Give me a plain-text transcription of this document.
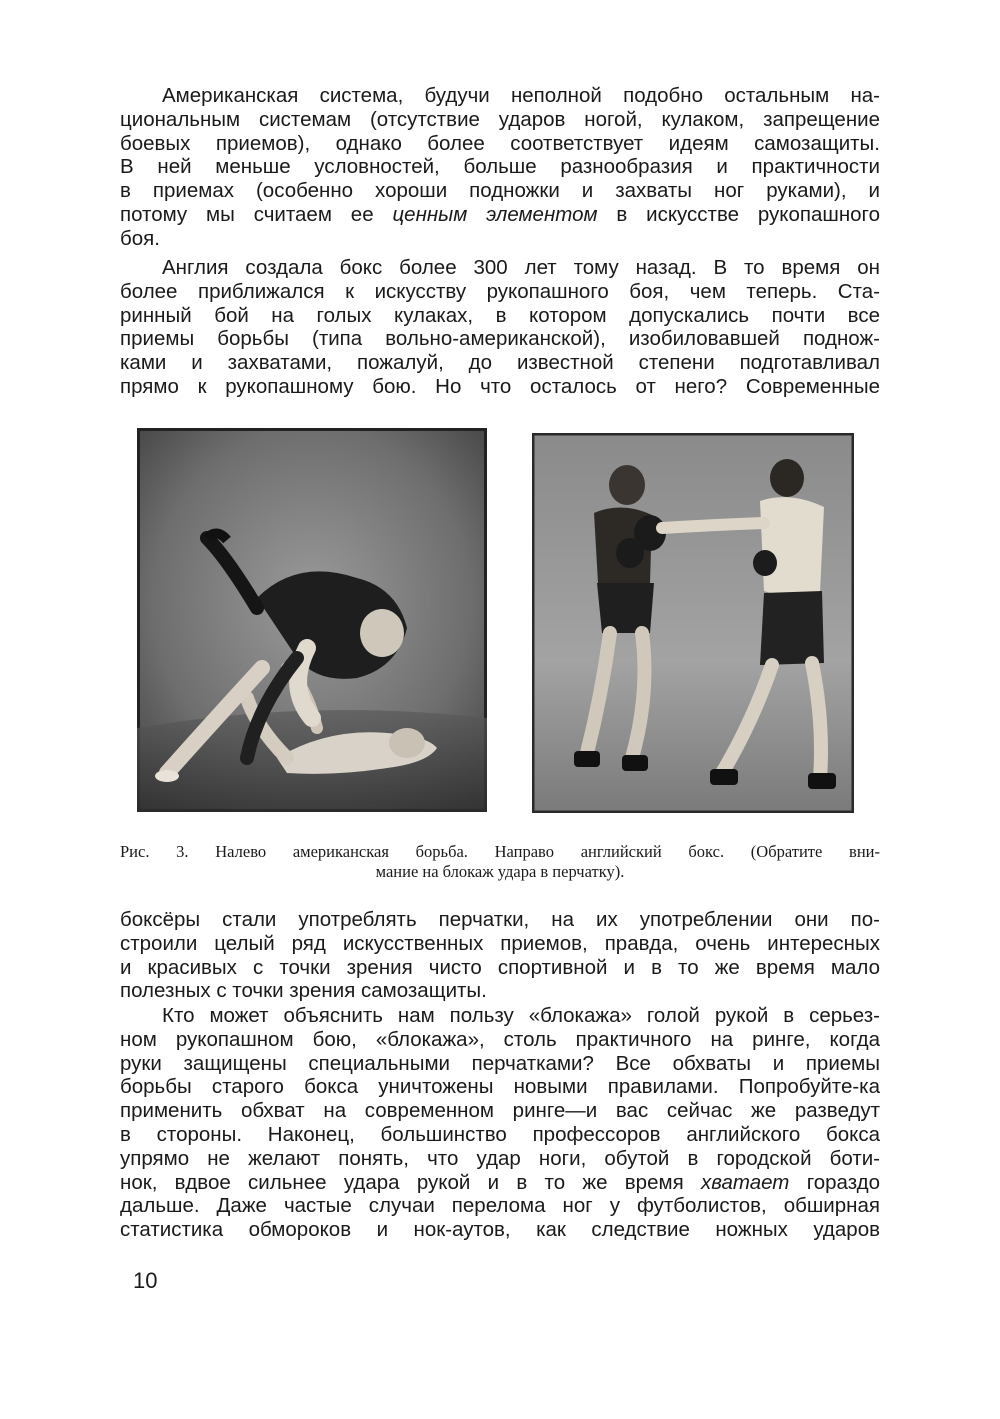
Американская система, будучи неполной подобно остальным на-
циональным системам (отсутствие ударов ногой, кулаком, запрещение
боевых приемов), однако более соответствует идеям самозащиты.
В ней меньше условностей, больше разнообразия и практичности
в приемах (особенно хороши подножки и захваты ног руками), и
потому мы считаем ее ценным элементом в искусстве рукопашного
боя.

Англия создала бокс более 300 лет тому назад. В то время он
более приближался к искусству рукопашного боя, чем теперь. Ста-
ринный бой на голых кулаках, в котором допускались почти все
приемы борьбы (типа вольно-американской), изобиловавшей поднож-
ками и захватами, пожалуй, до известной степени подготавливал
прямо к рукопашному бою. Но что осталось от него? Современные

Рис. 3. Налево американская борьба. Направо английский бокс. (Обратите вни-
мание на блокаж удара в перчатку).

боксёры стали употреблять перчатки, на их употреблении они по-
строили целый ряд искусственных приемов, правда, очень интересных
и красивых с точки зрения чисто спортивной и в то же время мало
полезных с точки зрения самозащиты.

Кто может объяснить нам пользу «блокажа» голой рукой в серьез-
ном рукопашном бою, «блокажа», столь практичного на ринге, когда
руки защищены специальными перчатками? Все обхваты и приемы
борьбы старого бокса уничтожены новыми правилами. Попробуйте-ка
применить обхват на современном ринге—и вас сейчас же разведут
в стороны. Наконец, большинство профессоров английского бокса
упрямо не желают понять, что удар ноги, обутой в городской боти-
нок, вдвое сильнее удара рукой и в то же время хватает гораздо
дальше. Даже частые случаи перелома ног у футболистов, обширная
статистика обмороков и нок-аутов, как следствие ножных ударов

10
